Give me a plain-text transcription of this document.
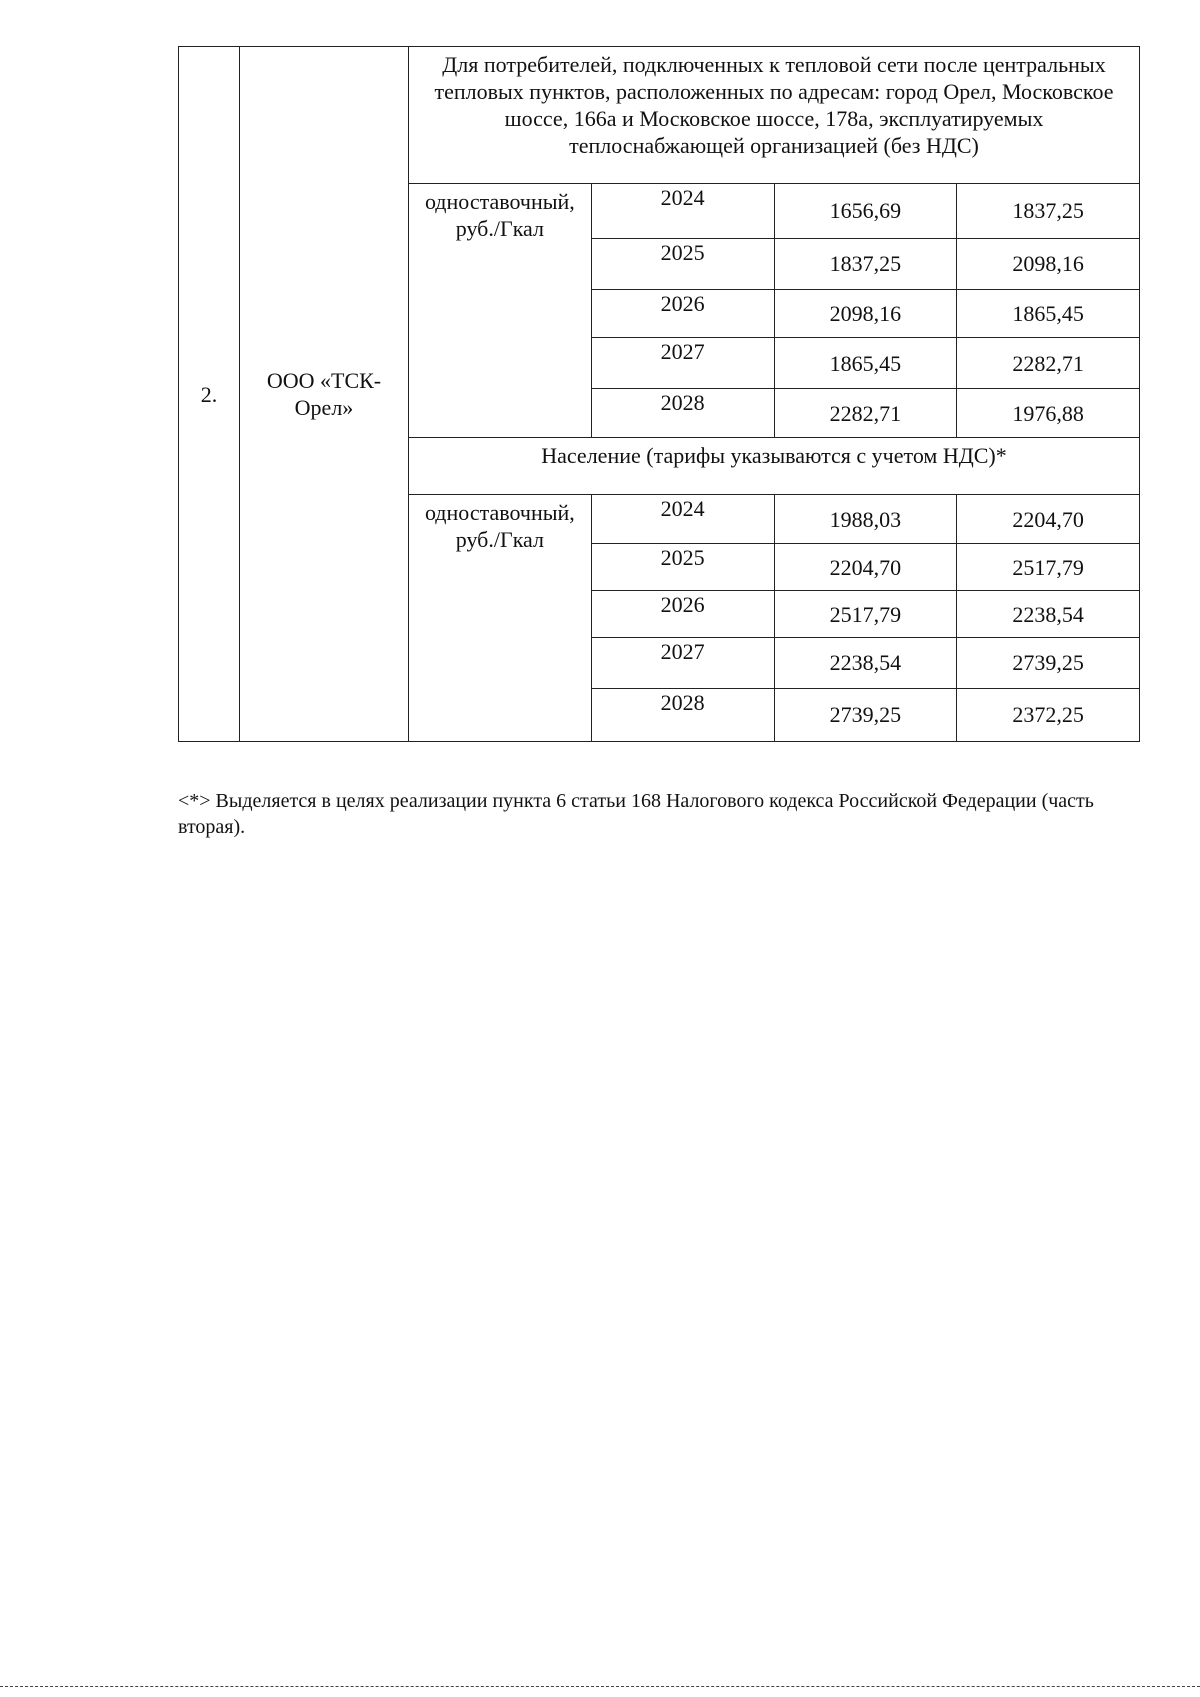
2.	ООО «ТСК-Орел»	Для потребителей, подключенных к тепловой сети после центральных тепловых пунктов, расположенных по адресам: город Орел, Московское шоссе, 166а и Московское шоссе, 178а, эксплуатируемых теплоснабжающей организацией (без НДС)			
		одноставочный, руб./Гкал	2024	1656,69	1837,25
			2025	1837,25	2098,16
			2026	2098,16	1865,45
			2027	1865,45	2282,71
			2028	2282,71	1976,88
		Население (тарифы указываются с учетом НДС)*			
		одноставочный, руб./Гкал	2024	1988,03	2204,70
			2025	2204,70	2517,79
			2026	2517,79	2238,54
			2027	2238,54	2739,25
			2028	2739,25	2372,25
<*> Выделяется в целях реализации пункта 6 статьи 168 Налогового кодекса Российской Федерации (часть вторая).
